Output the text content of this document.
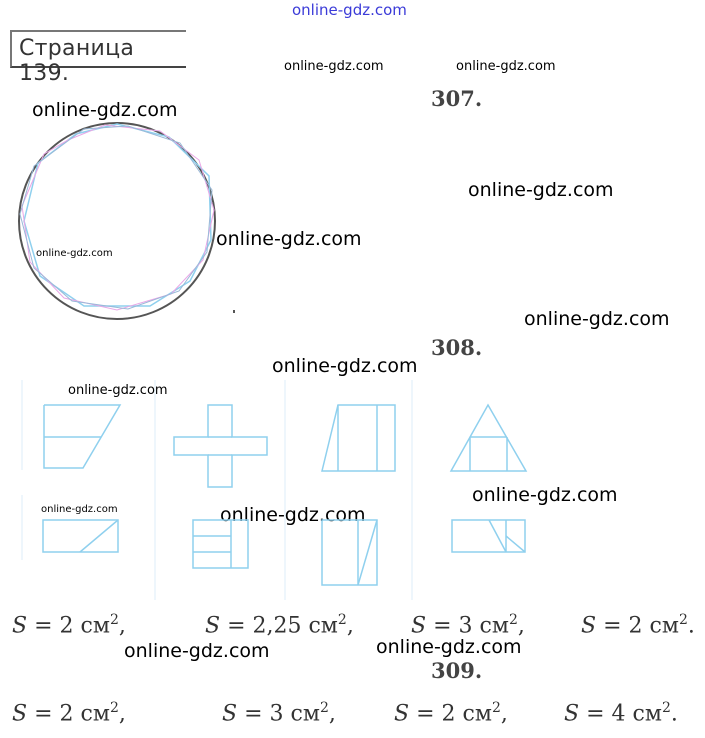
online-gdz.com
online-gdz.com	online-gdz.com
online-gdz.com
online-gdz.com
online-gdz.com
online-gdz.com
online-gdz.com
online-gdz.com
online-gdz.com
online-gdz.com
online-gdz.com	online-gdz.com
online-gdz.com
online-gdz.com
Страница 139.
307.
308.
309.
S = 2 $см^2$,	S = 2,25 $см^2$,	S = 3 $см^2$,	S = 2 $см^2$.
S = 2 $см^2$,	S = 3 $см^2$,	S = 2 $см^2$,	S = 4 $см^2$.
